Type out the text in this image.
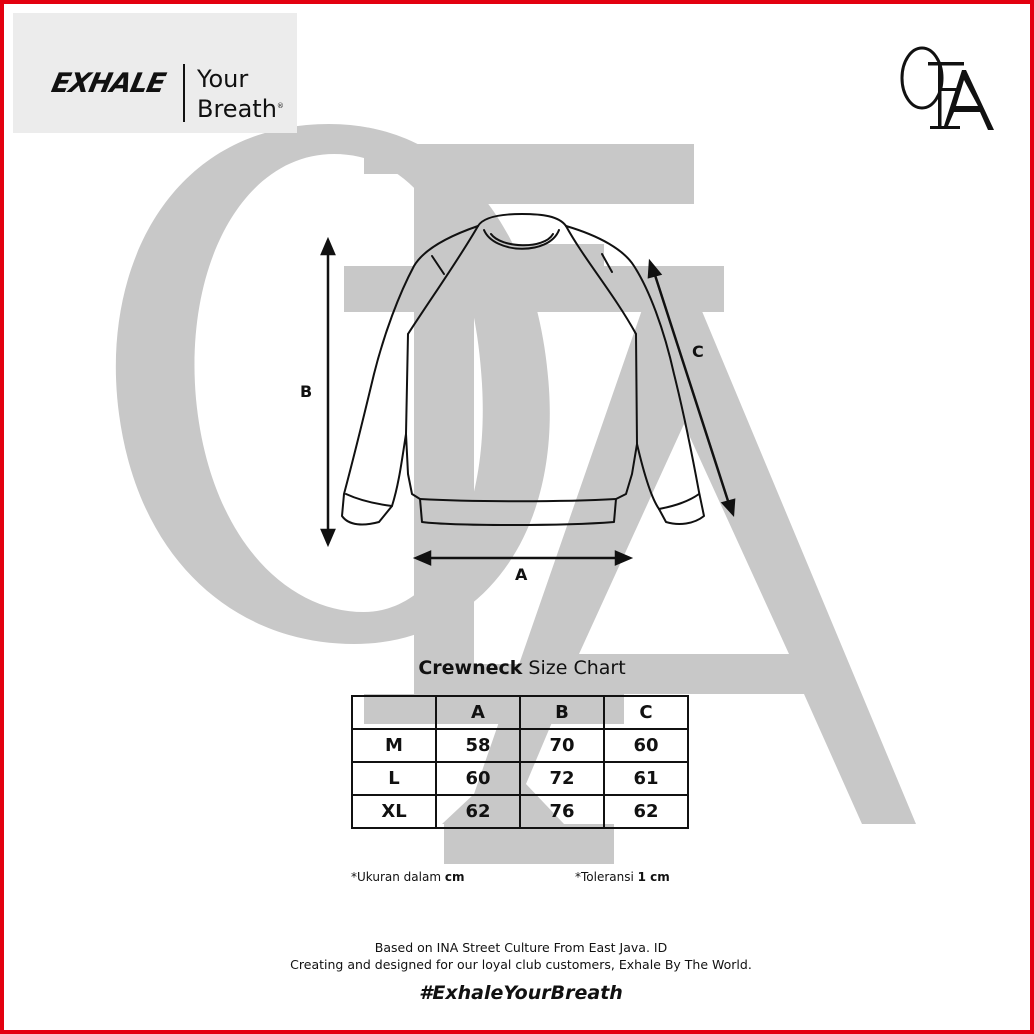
EXHALE Your
Breath®
B
A
C
Crewneck Size Chart
	A	B	C
M	58	70	60
L	60	72	61
XL	62	76	62
*Ukuran dalam cm	*Toleransi 1 cm
Based on INA Street Culture From East Java. ID
Creating and designed for our loyal club customers, Exhale By The World.
#ExhaleYourBreath
